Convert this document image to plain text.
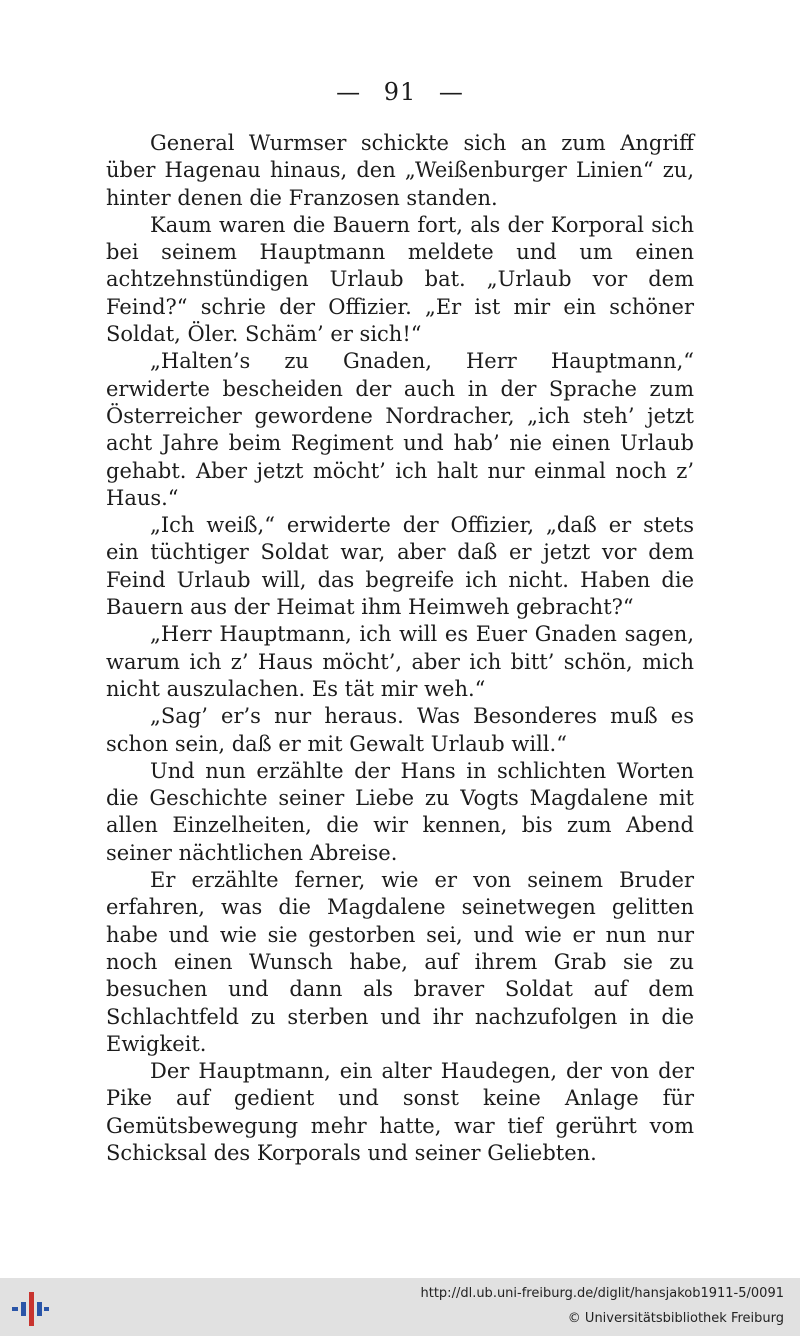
— 91 —

General Wurmser schickte sich an zum Angriff über Hagenau hinaus, den „Weißenburger Linien“ zu, hinter denen die Franzosen standen.

Kaum waren die Bauern fort, als der Korporal sich bei seinem Hauptmann meldete und um einen achtzehnstündigen Urlaub bat. „Urlaub vor dem Feind?“ schrie der Offizier. „Er ist mir ein schöner Soldat, Öler. Schäm’ er sich!“

„Halten’s zu Gnaden, Herr Hauptmann,“ erwiderte bescheiden der auch in der Sprache zum Österreicher gewordene Nordracher, „ich steh’ jetzt acht Jahre beim Regiment und hab’ nie einen Urlaub gehabt. Aber jetzt möcht’ ich halt nur einmal noch z’ Haus.“

„Ich weiß,“ erwiderte der Offizier, „daß er stets ein tüchtiger Soldat war, aber daß er jetzt vor dem Feind Urlaub will, das begreife ich nicht. Haben die Bauern aus der Heimat ihm Heimweh gebracht?“

„Herr Hauptmann, ich will es Euer Gnaden sagen, warum ich z’ Haus möcht’, aber ich bitt’ schön, mich nicht auszulachen. Es tät mir weh.“

„Sag’ er’s nur heraus. Was Besonderes muß es schon sein, daß er mit Gewalt Urlaub will.“

Und nun erzählte der Hans in schlichten Worten die Geschichte seiner Liebe zu Vogts Magdalene mit allen Einzelheiten, die wir kennen, bis zum Abend seiner nächtlichen Abreise.

Er erzählte ferner, wie er von seinem Bruder erfahren, was die Magdalene seinetwegen gelitten habe und wie sie gestorben sei, und wie er nun nur noch einen Wunsch habe, auf ihrem Grab sie zu besuchen und dann als braver Soldat auf dem Schlachtfeld zu sterben und ihr nachzufolgen in die Ewigkeit.

Der Hauptmann, ein alter Haudegen, der von der Pike auf gedient und sonst keine Anlage für Gemütsbewegung mehr hatte, war tief gerührt vom Schicksal des Korporals und seiner Geliebten.

http://dl.ub.uni-freiburg.de/diglit/hansjakob1911-5/0091
© Universitätsbibliothek Freiburg
